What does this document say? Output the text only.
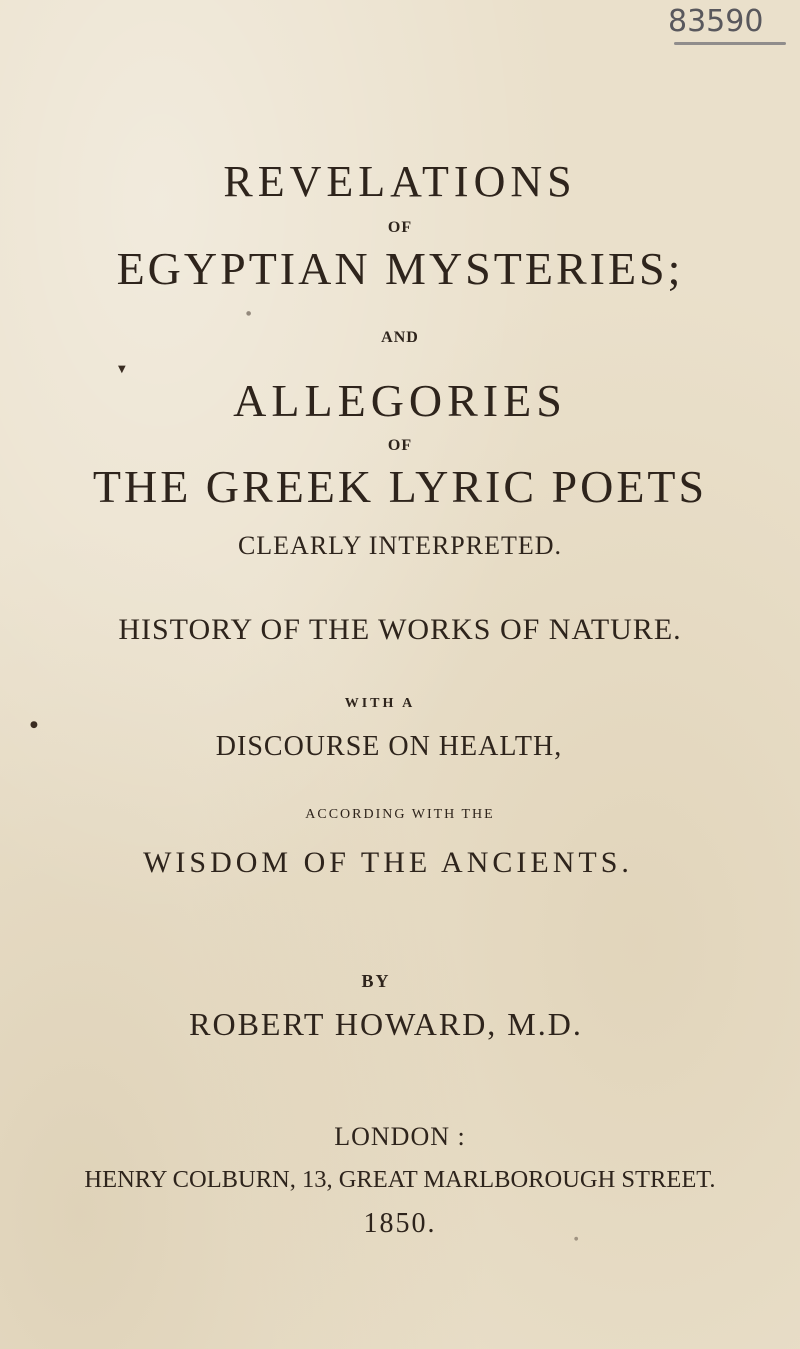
83590
REVELATIONS
OF
EGYPTIAN MYSTERIES;
AND
ALLEGORIES
OF
THE GREEK LYRIC POETS
CLEARLY INTERPRETED.
HISTORY OF THE WORKS OF NATURE.
WITH A
DISCOURSE ON HEALTH,
ACCORDING WITH THE
WISDOM OF THE ANCIENTS.
BY
ROBERT HOWARD, M.D.
LONDON :
HENRY COLBURN, 13, GREAT MARLBOROUGH STREET.
1850.
▼
●
●
●
